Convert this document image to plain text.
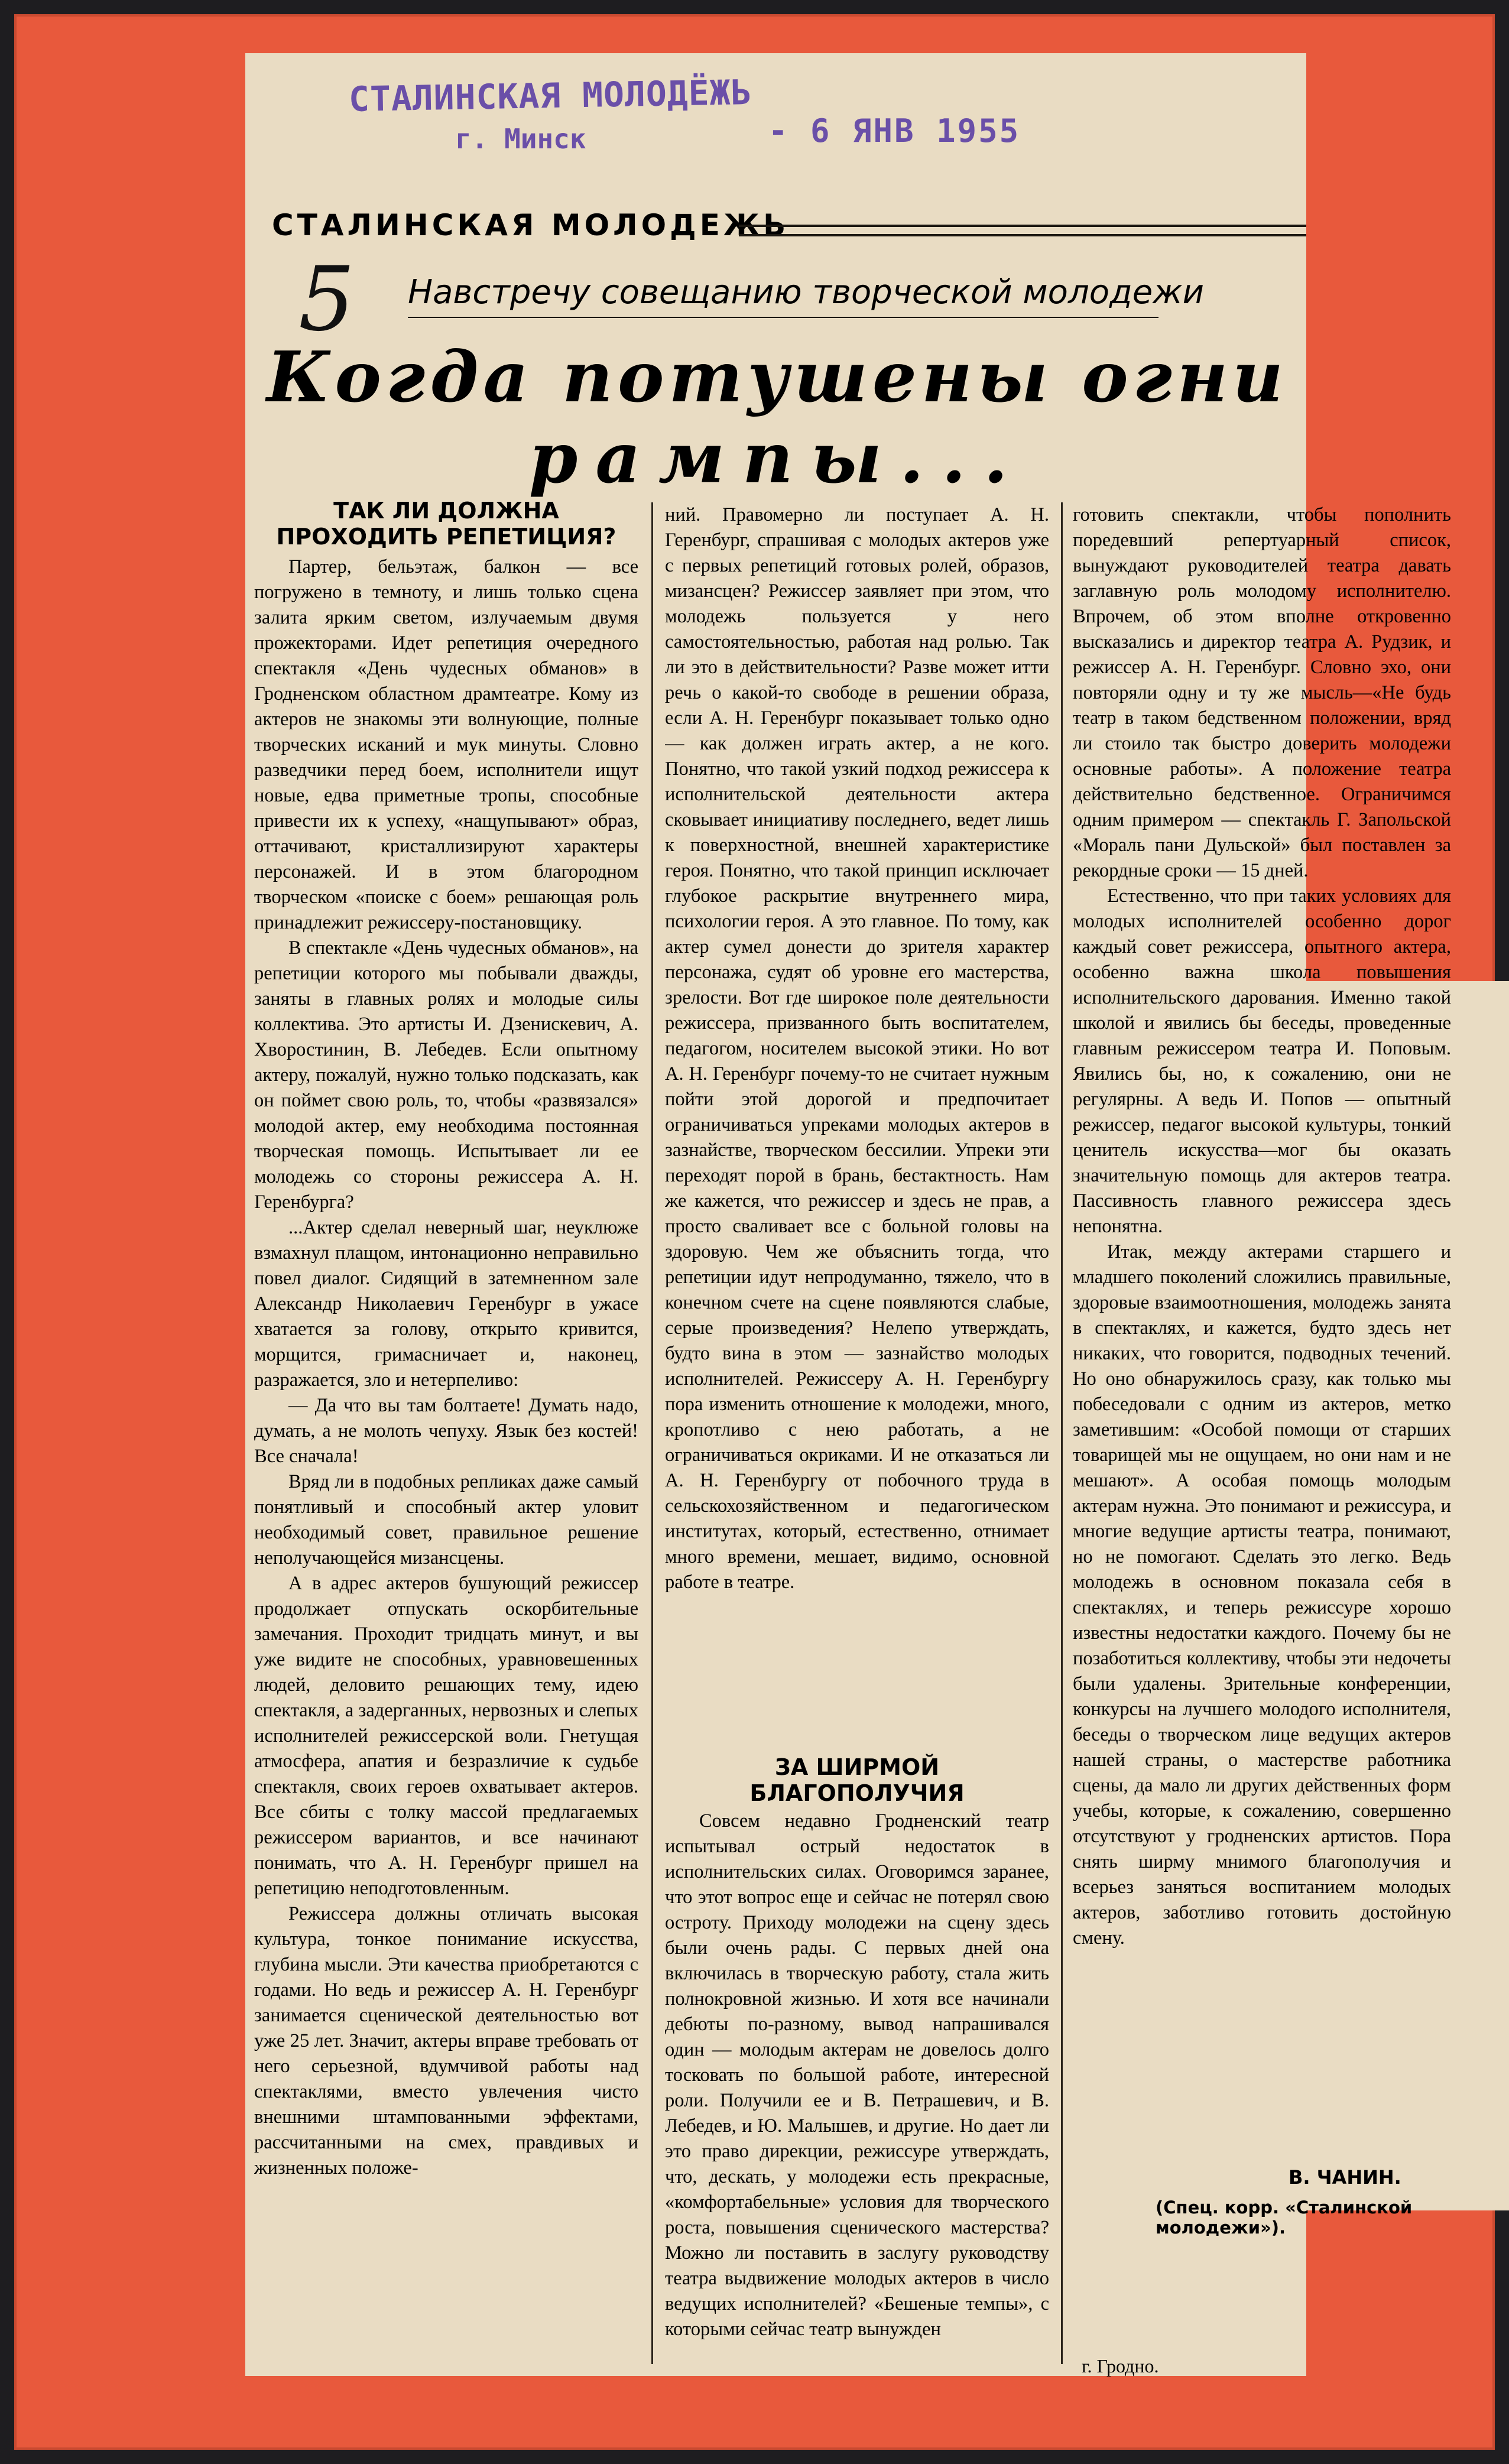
СТАЛИНСКАЯ МОЛОДЁЖЬ
г. Минск	- 6 ЯНВ 1955
СТАЛИНСКАЯ МОЛОДЕЖЬ
5 Навстречу совещанию творческой молодежи
Когда потушены огни
рампы...
ТАК ЛИ ДОЛЖНА ПРОХОДИТЬ РЕПЕТИЦИЯ?

Партер, бельэтаж, балкон — все погружено в темноту, и лишь только сцена залита ярким светом, излучаемым двумя прожекторами. Идет репетиция очередного спектакля «День чудесных обманов» в Гродненском областном драмтеатре. Кому из актеров не знакомы эти волнующие, полные творческих исканий и мук минуты. Словно разведчики перед боем, исполнители ищут новые, едва приметные тропы, способные привести их к успеху, «нащупывают» образ, оттачивают, кристаллизируют характеры персонажей. И в этом благородном творческом «поиске с боем» решающая роль принадлежит режиссеру-постановщику.

В спектакле «День чудесных обманов», на репетиции которого мы побывали дважды, заняты в главных ролях и молодые силы коллектива. Это артисты И. Дзенискевич, А. Хворостинин, В. Лебедев. Если опытному актеру, пожалуй, нужно только подсказать, как он поймет свою роль, то, чтобы «развязался» молодой актер, ему необходима постоянная творческая помощь. Испытывает ли ее молодежь со стороны режиссера А. Н. Геренбурга?

...Актер сделал неверный шаг, неуклюже взмахнул плащом, интонационно неправильно повел диалог. Сидящий в затемненном зале Александр Николаевич Геренбург в ужасе хватается за голову, открыто кривится, морщится, гримасничает и, наконец, разражается, зло и нетерпеливо:

— Да что вы там болтаете! Думать надо, думать, а не молоть чепуху. Язык без костей! Все сначала!

Вряд ли в подобных репликах даже самый понятливый и способный актер уловит необходимый совет, правильное решение неполучающейся мизансцены.

А в адрес актеров бушующий режиссер продолжает отпускать оскорбительные замечания. Проходит тридцать минут, и вы уже видите не способных, уравновешенных людей, деловито решающих тему, идею спектакля, а задерганных, нервозных и слепых исполнителей режиссерской воли. Гнетущая атмосфера, апатия и безразличие к судьбе спектакля, своих героев охватывает актеров. Все сбиты с толку массой предлагаемых режиссером вариантов, и все начинают понимать, что А. Н. Геренбург пришел на репетицию неподготовленным.

Режиссера должны отличать высокая культура, тонкое понимание искусства, глубина мысли. Эти качества приобретаются с годами. Но ведь и режиссер А. Н. Геренбург занимается сценической деятельностью вот уже 25 лет. Значит, актеры вправе требовать от него серьезной, вдумчивой работы над спектаклями, вместо увлечения чисто внешними штампованными эффектами, рассчитанными на смех, правдивых и жизненных положе-

ний. Правомерно ли поступает А. Н. Геренбург, спрашивая с молодых актеров уже с первых репетиций готовых ролей, образов, мизансцен? Режиссер заявляет при этом, что молодежь пользуется у него самостоятельностью, работая над ролью. Так ли это в действительности? Разве может итти речь о какой-то свободе в решении образа, если А. Н. Геренбург показывает только одно — как должен играть актер, а не кого. Понятно, что такой узкий подход режиссера к исполнительской деятельности актера сковывает инициативу последнего, ведет лишь к поверхностной, внешней характеристике героя. Понятно, что такой принцип исключает глубокое раскрытие внутреннего мира, психологии героя. А это главное. По тому, как актер сумел донести до зрителя характер персонажа, судят об уровне его мастерства, зрелости. Вот где широкое поле деятельности режиссера, призванного быть воспитателем, педагогом, носителем высокой этики. Но вот А. Н. Геренбург почему-то не считает нужным пойти этой дорогой и предпочитает ограничиваться упреками молодых актеров в зазнайстве, творческом бессилии. Упреки эти переходят порой в брань, бестактность. Нам же кажется, что режиссер и здесь не прав, а просто сваливает все с больной головы на здоровую. Чем же объяснить тогда, что репетиции идут непродуманно, тяжело, что в конечном счете на сцене появляются слабые, серые произведения? Нелепо утверждать, будто вина в этом — зазнайство молодых исполнителей. Режиссеру А. Н. Геренбургу пора изменить отношение к молодежи, много, кропотливо с нею работать, а не ограничиваться окриками. И не отказаться ли А. Н. Геренбургу от побочного труда в сельскохозяйственном и педагогическом институтах, который, естественно, отнимает много времени, мешает, видимо, основной работе в театре.

ЗА ШИРМОЙ БЛАГОПОЛУЧИЯ

Совсем недавно Гродненский театр испытывал острый недостаток в исполнительских силах. Оговоримся заранее, что этот вопрос еще и сейчас не потерял свою остроту. Приходу молодежи на сцену здесь были очень рады. С первых дней она включилась в творческую работу, стала жить полнокровной жизнью. И хотя все начинали дебюты по-разному, вывод напрашивался один — молодым актерам не довелось долго тосковать по большой работе, интересной роли. Получили ее и В. Петрашевич, и В. Лебедев, и Ю. Малышев, и другие. Но дает ли это право дирекции, режиссуре утверждать, что, дескать, у молодежи есть прекрасные, «комфортабельные» условия для творческого роста, повышения сценического мастерства? Можно ли поставить в заслугу руководству театра выдвижение молодых актеров в число ведущих исполнителей? «Бешеные темпы», с которыми сейчас театр вынужден

готовить спектакли, чтобы пополнить поредевший репертуарный список, вынуждают руководителей театра давать заглавную роль молодому исполнителю. Впрочем, об этом вполне откровенно высказались и директор театра А. Рудзик, и режиссер А. Н. Геренбург. Словно эхо, они повторяли одну и ту же мысль—«Не будь театр в таком бедственном положении, вряд ли стоило так быстро доверить молодежи основные работы». А положение театра действительно бедственное. Ограничимся одним примером — спектакль Г. Запольской «Мораль пани Дульской» был поставлен за рекордные сроки — 15 дней.

Естественно, что при таких условиях для молодых исполнителей особенно дорог каждый совет режиссера, опытного актера, особенно важна школа повышения исполнительского дарования. Именно такой школой и явились бы беседы, проведенные главным режиссером театра И. Поповым. Явились бы, но, к сожалению, они не регулярны. А ведь И. Попов — опытный режиссер, педагог высокой культуры, тонкий ценитель искусства—мог бы оказать значительную помощь для актеров театра. Пассивность главного режиссера здесь непонятна.

Итак, между актерами старшего и младшего поколений сложились правильные, здоровые взаимоотношения, молодежь занята в спектаклях, и кажется, будто здесь нет никаких, что говорится, подводных течений. Но оно обнаружилось сразу, как только мы побеседовали с одним из актеров, метко заметившим: «Особой помощи от старших товарищей мы не ощущаем, но они нам и не мешают». А особая помощь молодым актерам нужна. Это понимают и режиссура, и многие ведущие артисты театра, понимают, но не помогают. Сделать это легко. Ведь молодежь в основном показала себя в спектаклях, и теперь режиссуре хорошо известны недостатки каждого. Почему бы не позаботиться коллективу, чтобы эти недочеты были удалены. Зрительные конференции, конкурсы на лучшего молодого исполнителя, беседы о творческом лице ведущих актеров нашей страны, о мастерстве работника сцены, да мало ли других действенных форм учебы, которые, к сожалению, совершенно отсутствуют у гродненских артистов. Пора снять ширму мнимого благополучия и всерьез заняться воспитанием молодых актеров, заботливо готовить достойную смену.

В. ЧАНИН.
(Спец. корр. «Сталинской молодежи»).
г. Гродно.
